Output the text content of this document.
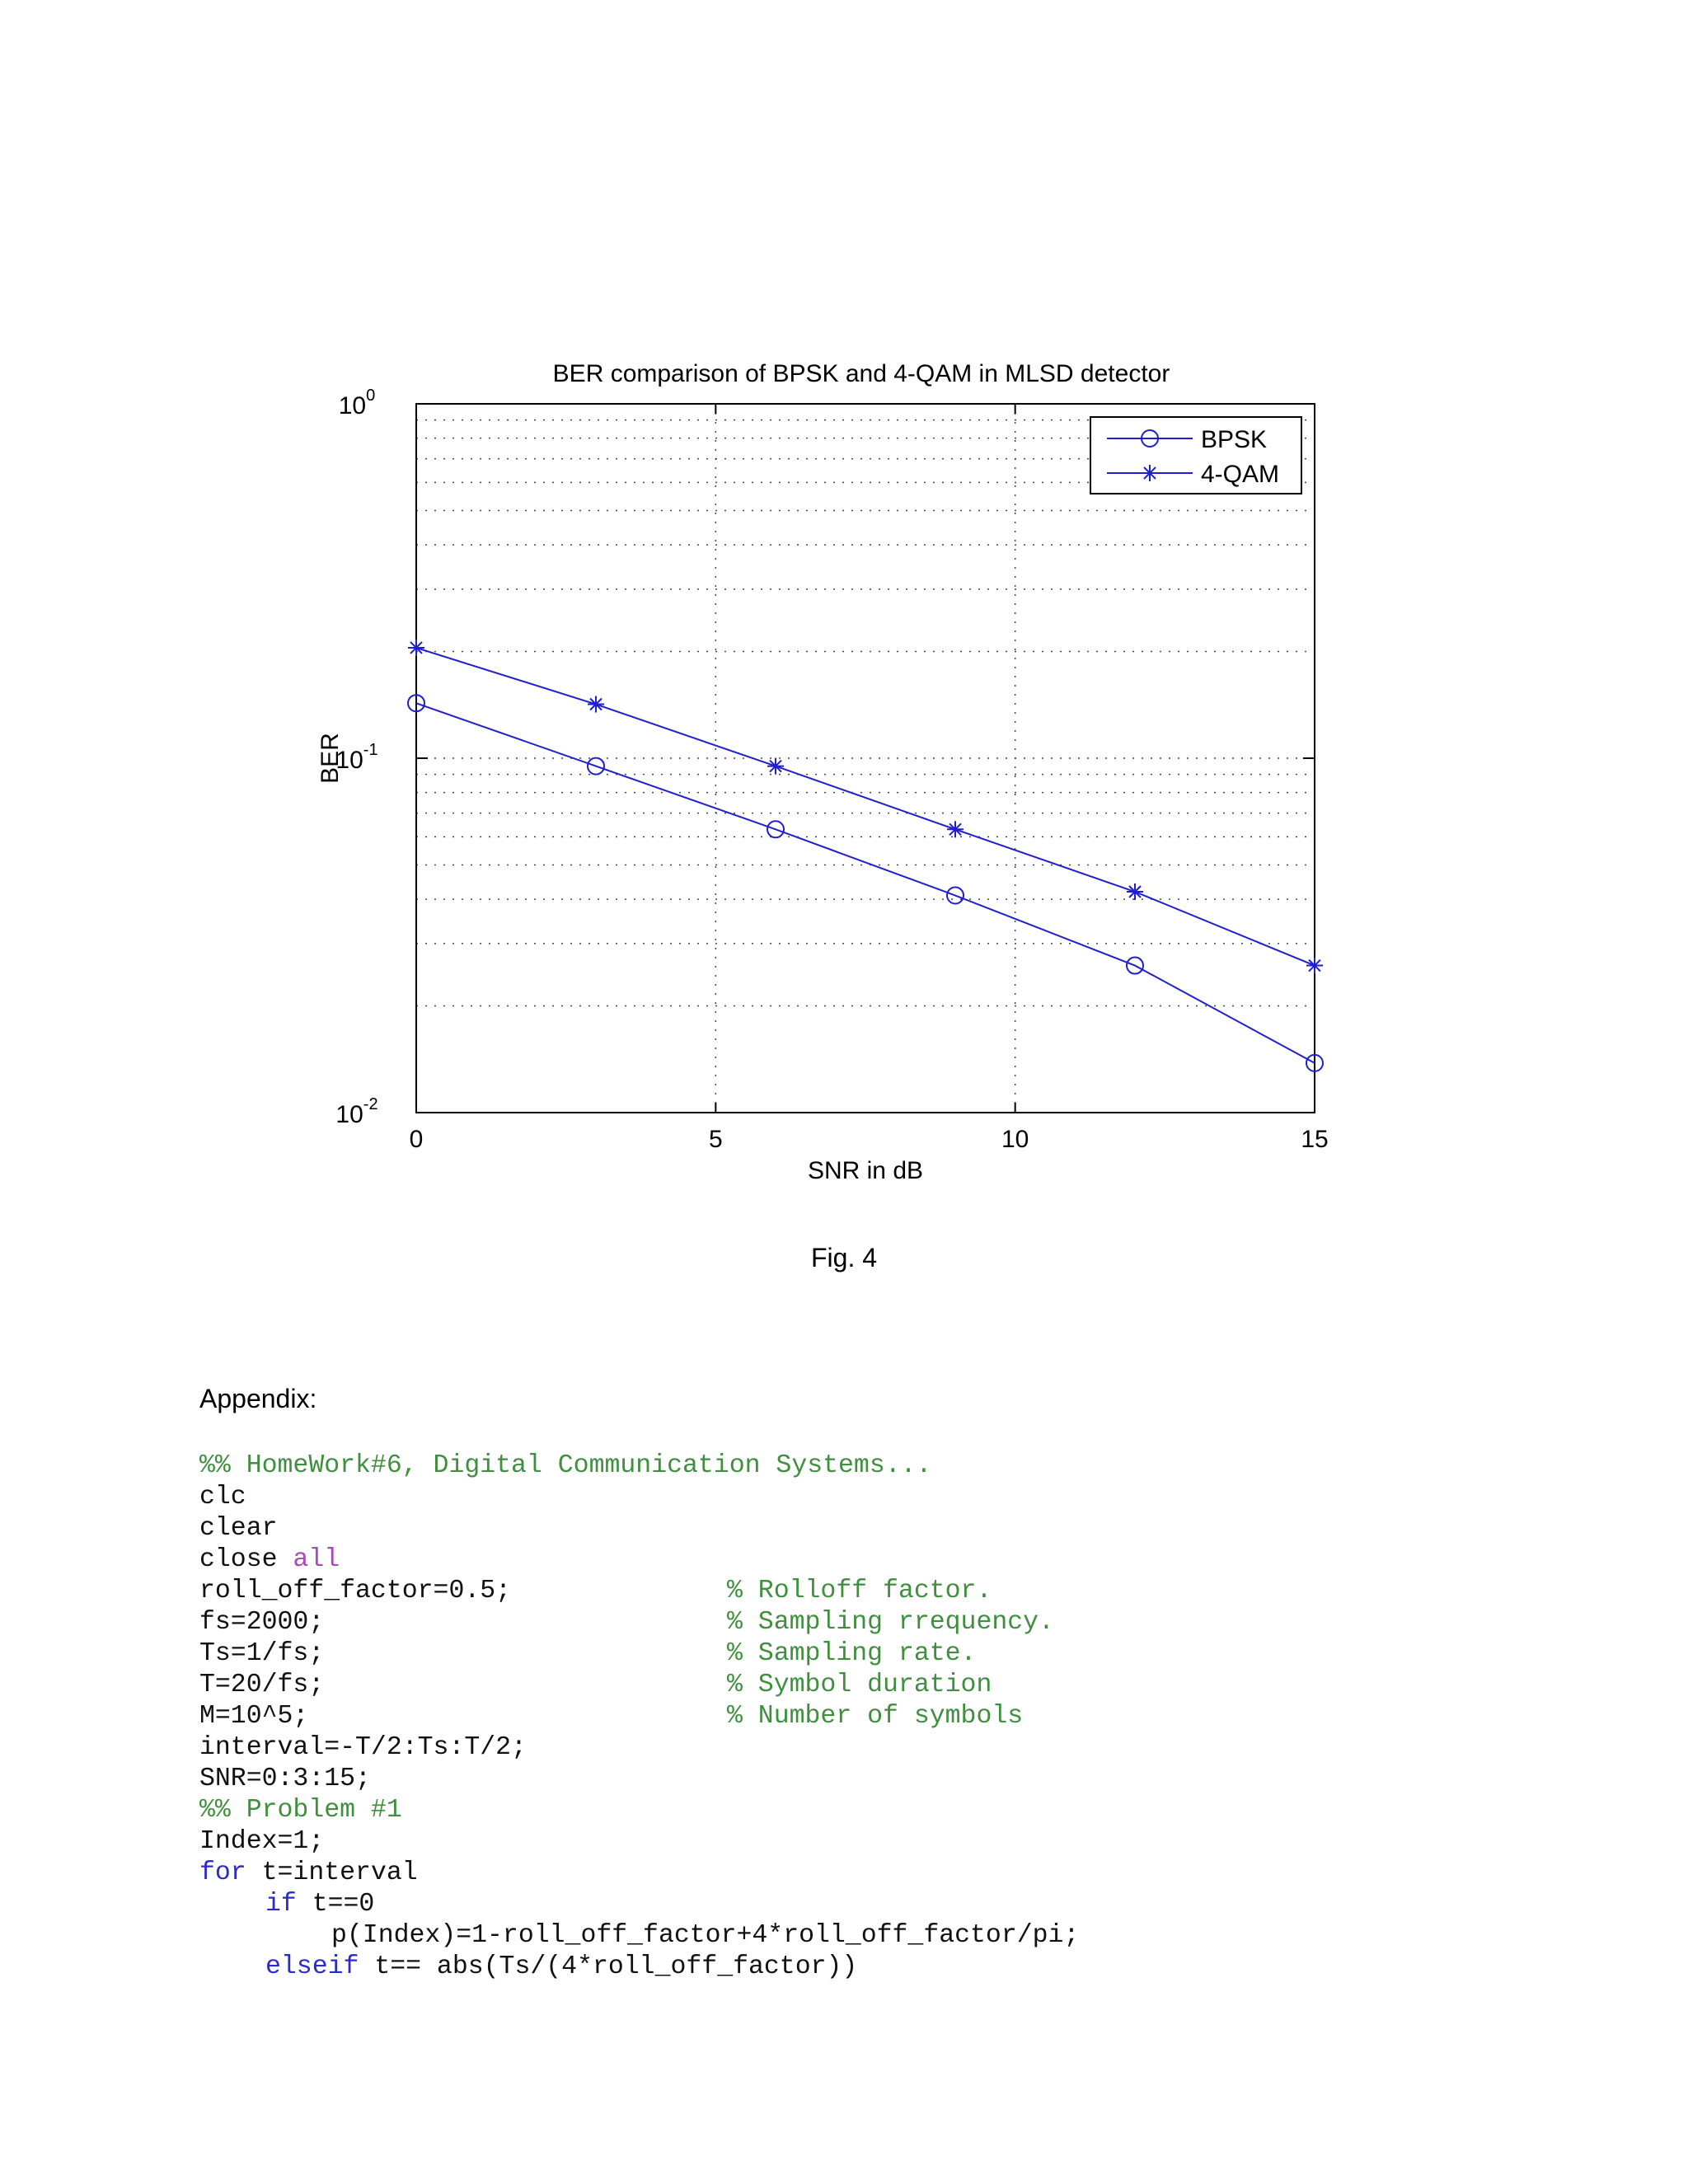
BER comparison of BPSK and 4-QAM in MLSD detector
0	5	10	15
$10^0$
$10^{-1}$
$10^{-2}$
SNR in dB
BER
BPSK
4-QAM
Fig. 4
Appendix:
%% HomeWork#6, Digital Communication Systems...
clc
clear
close all
roll_off_factor=0.5;	% Rolloff factor.
fs=2000;	% Sampling rrequency.
Ts=1/fs;	% Sampling rate.
T=20/fs;	% Symbol duration
M=10^5;	% Number of symbols
interval=-T/2:Ts:T/2;
SNR=0:3:15;
%% Problem #1
Index=1;
for t=interval
if t==0
p(Index)=1-roll_off_factor+4*roll_off_factor/pi;
elseif t== abs(Ts/(4*roll_off_factor))
